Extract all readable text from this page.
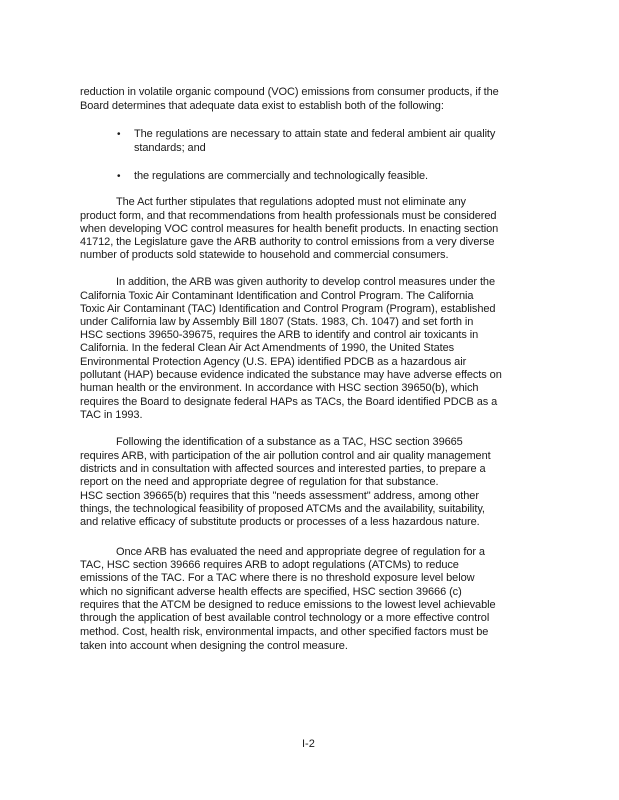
reduction in volatile organic compound (VOC) emissions from consumer products, if the
Board determines that adequate data exist to establish both of the following:
• The regulations are necessary to attain state and federal ambient air quality
standards; and
• the regulations are commercially and technologically feasible.
The Act further stipulates that regulations adopted must not eliminate any
product form, and that recommendations from health professionals must be considered
when developing VOC control measures for health benefit products. In enacting section
41712, the Legislature gave the ARB authority to control emissions from a very diverse
number of products sold statewide to household and commercial consumers.
In addition, the ARB was given authority to develop control measures under the
California Toxic Air Contaminant Identification and Control Program. The California
Toxic Air Contaminant (TAC) Identification and Control Program (Program), established
under California law by Assembly Bill 1807 (Stats. 1983, Ch. 1047) and set forth in
HSC sections 39650-39675, requires the ARB to identify and control air toxicants in
California. In the federal Clean Air Act Amendments of 1990, the United States
Environmental Protection Agency (U.S. EPA) identified PDCB as a hazardous air
pollutant (HAP) because evidence indicated the substance may have adverse effects on
human health or the environment. In accordance with HSC section 39650(b), which
requires the Board to designate federal HAPs as TACs, the Board identified PDCB as a
TAC in 1993.
Following the identification of a substance as a TAC, HSC section 39665
requires ARB, with participation of the air pollution control and air quality management
districts and in consultation with affected sources and interested parties, to prepare a
report on the need and appropriate degree of regulation for that substance.
HSC section 39665(b) requires that this "needs assessment" address, among other
things, the technological feasibility of proposed ATCMs and the availability, suitability,
and relative efficacy of substitute products or processes of a less hazardous nature.
Once ARB has evaluated the need and appropriate degree of regulation for a
TAC, HSC section 39666 requires ARB to adopt regulations (ATCMs) to reduce
emissions of the TAC. For a TAC where there is no threshold exposure level below
which no significant adverse health effects are specified, HSC section 39666 (c)
requires that the ATCM be designed to reduce emissions to the lowest level achievable
through the application of best available control technology or a more effective control
method. Cost, health risk, environmental impacts, and other specified factors must be
taken into account when designing the control measure.
I-2
